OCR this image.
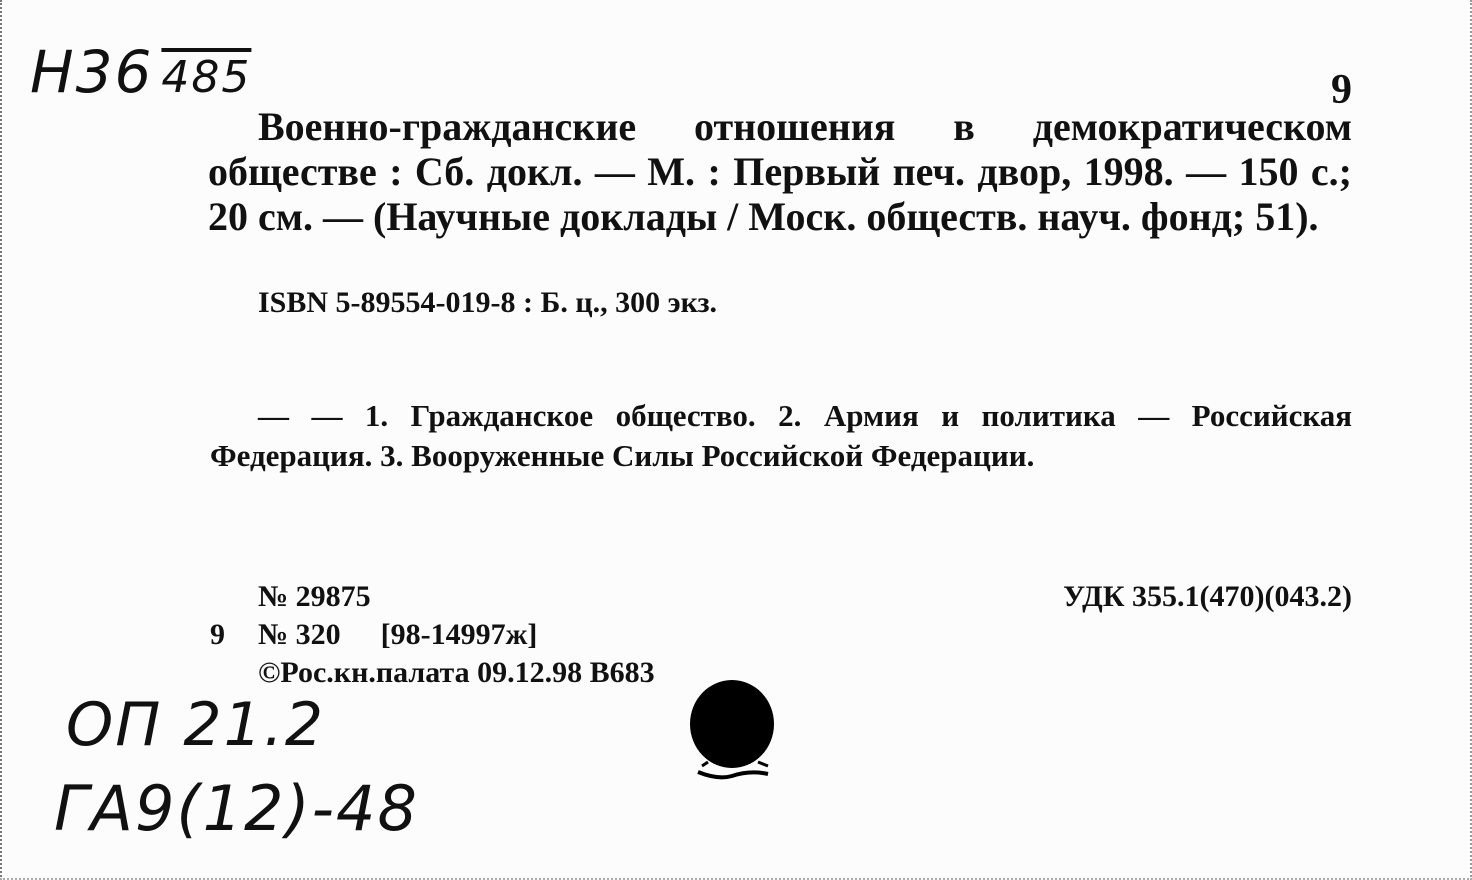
Н36 485	9
Военно-гражданские отношения в демократическом обществе : Сб. докл. — М. : Первый печ. двор, 1998. — 150 с.; 20 см. — (Научные доклады / Моск. обществ. науч. фонд; 51).
ISBN 5-89554-019-8 : Б. ц., 300 экз.
— — 1. Гражданское общество. 2. Армия и политика — Российская Федерация. 3. Вооруженные Силы Российской Федерации.
№ 29875	УДК 355.1(470)(043.2)
9 № 320 [98-14997ж]
©Рос.кн.палата 09.12.98 В683
ОП 21.2
ГА9(12)-48
